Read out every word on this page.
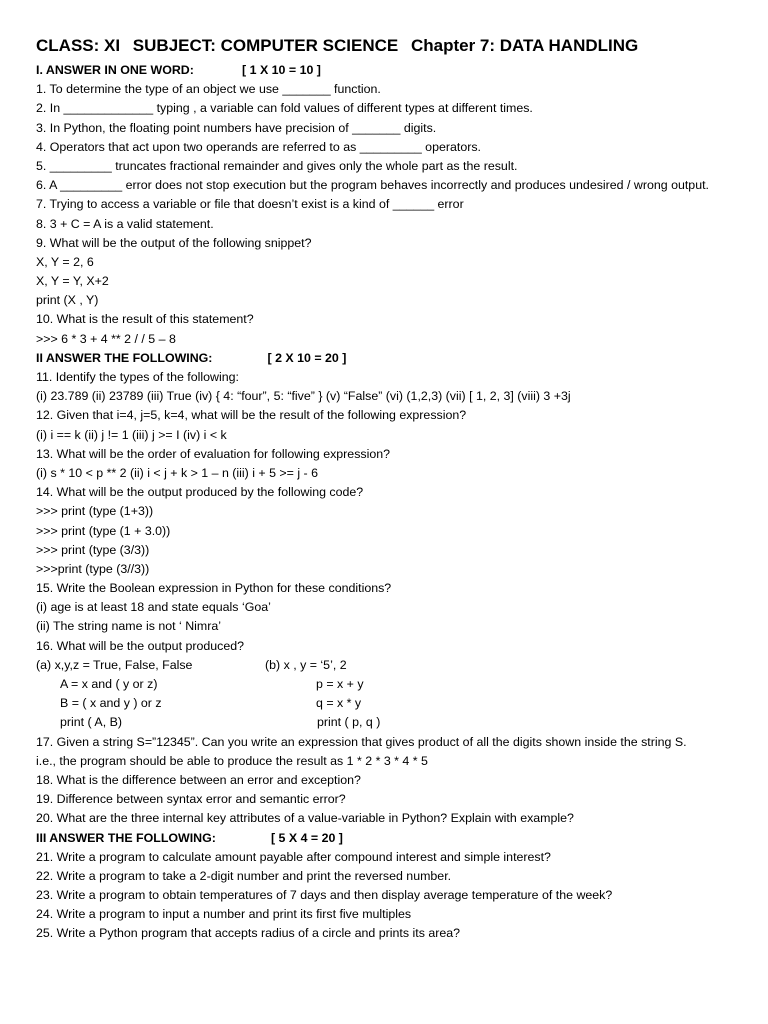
CLASS: XI SUBJECT: COMPUTER SCIENCE Chapter 7: DATA HANDLING
I. ANSWER IN ONE WORD:              [ 1 X 10 = 10 ]
1. To determine the type of an object we use _______ function.
2. In _____________ typing , a variable can fold values of different types at different times.
3. In Python, the floating point numbers have precision of _______ digits.
4. Operators that act upon two operands are referred to as _________ operators.
5. _________ truncates fractional remainder and gives only the whole part as the result.
6. A _________ error does not stop execution but the program behaves incorrectly and produces undesired / wrong output.
7. Trying to access a variable or file that doesn’t exist is a kind of ______ error
8. 3 + C = A is a valid statement.
9. What will be the output of the following snippet?
X, Y = 2, 6
X, Y = Y, X+2
print (X , Y)
10. What is the result of this statement?
>>> 6 * 3 + 4 ** 2 / / 5 – 8
II ANSWER THE FOLLOWING:                [ 2 X 10 = 20 ]
11. Identify the types of the following:
(i) 23.789 (ii) 23789 (iii) True (iv) { 4: “four”, 5: “five” } (v) “False” (vi) (1,2,3) (vii) [ 1, 2, 3] (viii) 3 +3j
12. Given that i=4, j=5, k=4, what will be the result of the following expression?
(i) i == k (ii) j != 1 (iii) j >= I (iv) i < k
13. What will be the order of evaluation for following expression?
(i) s * 10 < p ** 2 (ii) i < j + k > 1 – n (iii) i + 5 >= j - 6
14. What will be the output produced by the following code?
>>> print (type (1+3))
>>> print (type (1 + 3.0))
>>> print (type (3/3))
>>>print (type (3//3))
15. Write the Boolean expression in Python for these conditions?
(i) age is at least 18 and state equals ‘Goa’
(ii) The string name is not ‘ Nimra’
16. What will be the output produced?
(a) x,y,z = True, False, False	(b) x , y = ‘5’, 2
A = x and ( y or z)	p = x + y
B = ( x and y ) or z	q = x * y
print ( A, B)	print ( p, q )
17. Given a string S=”12345”. Can you write an expression that gives product of all the digits shown inside the string S.
i.e., the program should be able to produce the result as 1 * 2 * 3 * 4 * 5
18. What is the difference between an error and exception?
19. Difference between syntax error and semantic error?
20. What are the three internal key attributes of a value-variable in Python? Explain with example?
III ANSWER THE FOLLOWING:                [ 5 X 4 = 20 ]
21. Write a program to calculate amount payable after compound interest and simple interest?
22. Write a program to take a 2-digit number and print the reversed number.
23. Write a program to obtain temperatures of 7 days and then display average temperature of the week?
24. Write a program to input a number and print its first five multiples
25. Write a Python program that accepts radius of a circle and prints its area?
